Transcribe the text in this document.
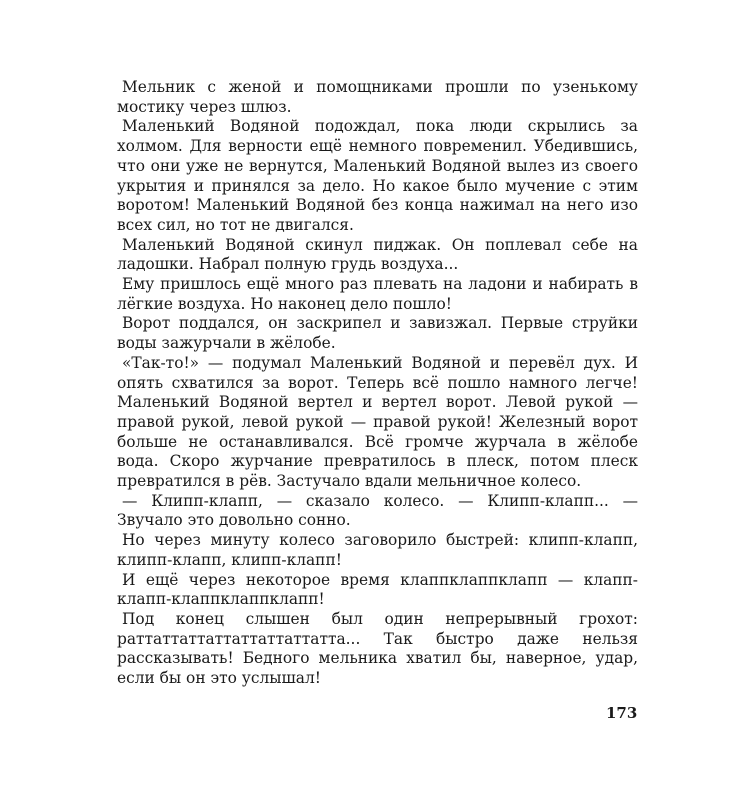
Мельник с женой и помощниками прошли по узенькому мостику через шлюз.

Маленький Водяной подождал, пока люди скрылись за холмом. Для верности ещё немного повременил. Убедившись, что они уже не вернутся, Маленький Водяной вылез из своего укрытия и принялся за дело. Но какое было мучение с этим воротом! Маленький Водяной без конца нажимал на него изо всех сил, но тот не двигался.

Маленький Водяной скинул пиджак. Он поплевал себе на ладошки. Набрал полную грудь воздуха...

Ему пришлось ещё много раз плевать на ладони и набирать в лёгкие воздуха. Но наконец дело пошло!

Ворот поддался, он заскрипел и завизжал. Первые струйки воды зажурчали в жёлобе.

«Так-то!» — подумал Маленький Водяной и перевёл дух. И опять схватился за ворот. Теперь всё пошло намного легче! Маленький Водяной вертел и вертел ворот. Левой рукой — правой рукой, левой рукой — правой рукой! Железный ворот больше не останавливался. Всё громче журчала в жёлобе вода. Скоро журчание превратилось в плеск, потом плеск превратился в рёв. Застучало вдали мельничное колесо.

— Клипп-клапп, — сказало колесо. — Клипп-клапп... — Звучало это довольно сонно.

Но через минуту колесо заговорило быстрей: клипп-клапп, клипп-клапп, клипп-клапп!

И ещё через некоторое время клаппклаппклапп — клапп-клапп-клаппклаппклапп!

Под конец слышен был один непрерывный грохот: раттаттаттаттаттаттаттатта... Так быстро даже нельзя рассказывать! Бедного мельника хватил бы, наверное, удар, если бы он это услышал!

173
